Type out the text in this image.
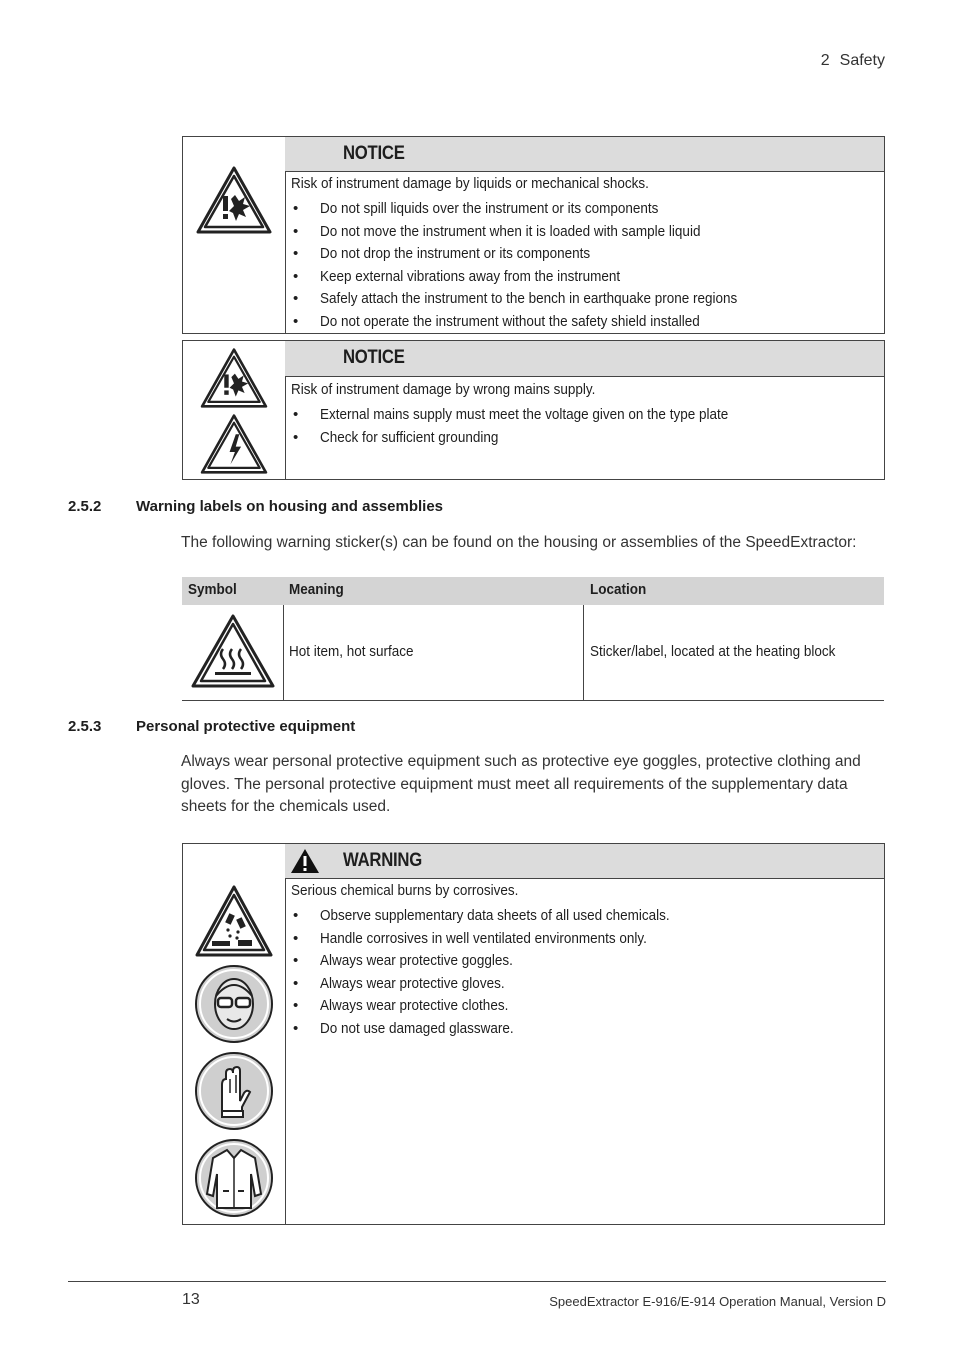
2 Safety
NOTICE
Risk of instrument damage by liquids or mechanical shocks.
• Do not spill liquids over the instrument or its components
• Do not move the instrument when it is loaded with sample liquid
• Do not drop the instrument or its components
• Keep external vibrations away from the instrument
• Safely attach the instrument to the bench in earthquake prone regions
• Do not operate the instrument without the safety shield installed
NOTICE
Risk of instrument damage by wrong mains supply.
• External mains supply must meet the voltage given on the type plate
• Check for sufficient grounding
2.5.2 Warning labels on housing and assemblies
The following warning sticker(s) can be found on the housing or assemblies of the SpeedExtractor:
Symbol	Meaning	Location
Hot item, hot surface	Sticker/label, located at the heating block
2.5.3 Personal protective equipment
Always wear personal protective equipment such as protective eye goggles, protective clothing and gloves. The personal protective equipment must meet all requirements of the supplementary data sheets for the chemicals used.
WARNING
Serious chemical burns by corrosives.
• Observe supplementary data sheets of all used chemicals.
• Handle corrosives in well ventilated environments only.
• Always wear protective goggles.
• Always wear protective gloves.
• Always wear protective clothes.
• Do not use damaged glassware.
13	SpeedExtractor E-916/E-914 Operation Manual, Version D
